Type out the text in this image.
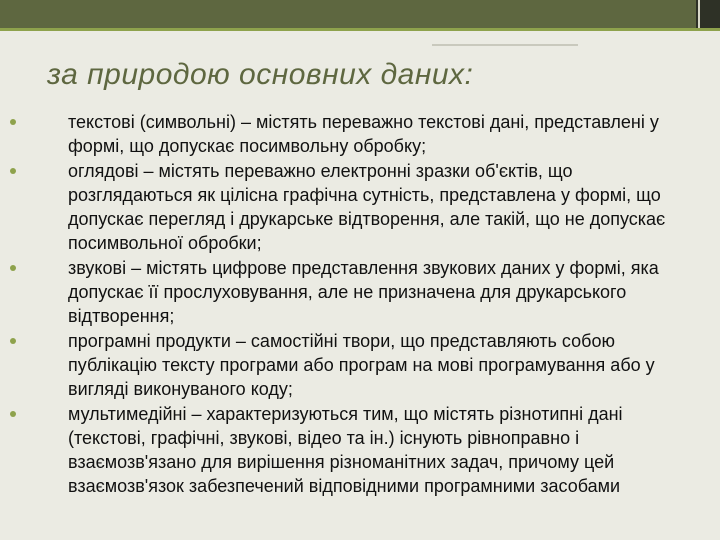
за природою основних даних:
текстові (символьні) – містять переважно текстові дані, представлені у формі, що допускає посимвольну обробку;
оглядові – містять переважно електронні зразки об'єктів, що розглядаються як цілісна графічна сутність, представлена у формі, що допускає перегляд і друкарське відтворення, але такій, що не допускає посимвольної обробки;
звукові – містять цифрове представлення звукових даних у формі, яка допускає її прослуховування, але не призначена для друкарського відтворення;
програмні продукти – самостійні твори, що представляють собою публікацію тексту програми або програм на мові програмування або у вигляді виконуваного коду;
мультимедійні – характеризуються тим, що містять різнотипні дані (текстові, графічні, звукові, відео та ін.) існують рівноправно і взаємозв'язано для вирішення різноманітних задач, причому цей взаємозв'язок забезпечений відповідними програмними засобами
